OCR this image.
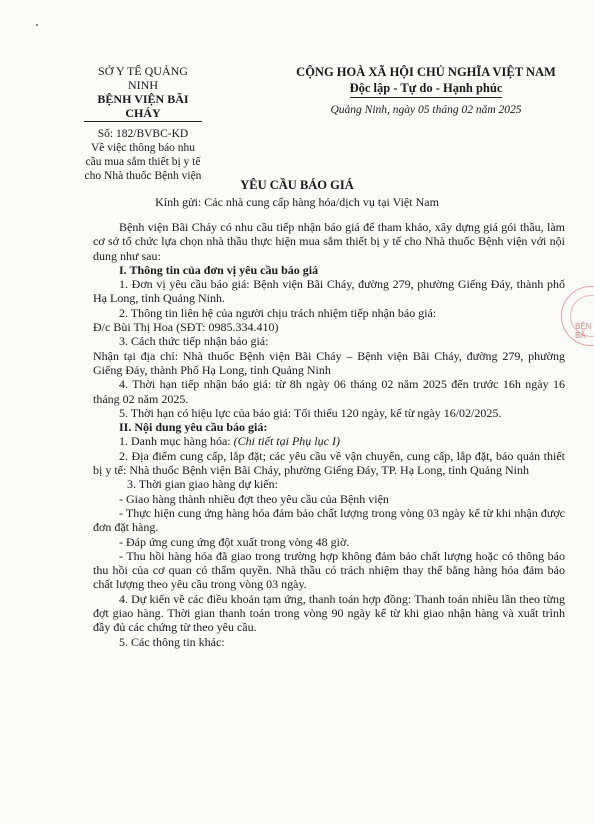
SỞ Y TẾ QUẢNG NINH
BỆNH VIỆN BÃI CHÁY
Số: 182/BVBC-KD
Về việc thông báo nhu cầu mua sắm thiết bị y tế cho Nhà thuốc Bệnh viện
CỘNG HOÀ XÃ HỘI CHỦ NGHĨA VIỆT NAM
Độc lập - Tự do - Hạnh phúc
Quảng Ninh, ngày 05 tháng 02 năm 2025
YÊU CẦU BÁO GIÁ
Kính gửi: Các nhà cung cấp hàng hóa/dịch vụ tại Việt Nam
BỆN BÃ

Bệnh viện Bãi Cháy có nhu cầu tiếp nhận báo giá để tham khảo, xây dựng giá gói thầu, làm cơ sở tổ chức lựa chọn nhà thầu thực hiện mua sắm thiết bị y tế cho Nhà thuốc Bệnh viện với nội dung như sau:

I. Thông tin của đơn vị yêu cầu báo giá

1. Đơn vị yêu cầu báo giá: Bệnh viện Bãi Cháy, đường 279, phường Giếng Đáy, thành phố Hạ Long, tỉnh Quảng Ninh.

2. Thông tin liên hệ của người chịu trách nhiệm tiếp nhận báo giá:

Đ/c Bùi Thị Hoa (SĐT: 0985.334.410)

3. Cách thức tiếp nhận báo giá:

Nhận tại địa chỉ: Nhà thuốc Bệnh viện Bãi Cháy – Bệnh viện Bãi Cháy, đường 279, phường Giếng Đáy, thành Phố Hạ Long, tỉnh Quảng Ninh

4. Thời hạn tiếp nhận báo giá: từ 8h ngày 06 tháng 02 năm 2025 đến trước 16h ngày 16 tháng 02 năm 2025.

5. Thời hạn có hiệu lực của báo giá: Tối thiểu 120 ngày, kể từ ngày 16/02/2025.

II. Nội dung yêu cầu báo giá:

1. Danh mục hàng hóa: (Chi tiết tại Phụ lục I)

2. Địa điểm cung cấp, lắp đặt; các yêu cầu về vận chuyển, cung cấp, lắp đặt, bảo quản thiết bị y tế: Nhà thuốc Bệnh viện Bãi Cháy, phường Giếng Đáy, TP. Hạ Long, tỉnh Quảng Ninh

3. Thời gian giao hàng dự kiến:

- Giao hàng thành nhiều đợt theo yêu cầu của Bệnh viện

- Thực hiện cung ứng hàng hóa đảm bảo chất lượng trong vòng 03 ngày kể từ khi nhận được đơn đặt hàng.

- Đáp ứng cung ứng đột xuất trong vòng 48 giờ.

- Thu hồi hàng hóa đã giao trong trường hợp không đảm bảo chất lượng hoặc có thông báo thu hồi của cơ quan có thẩm quyền. Nhà thầu có trách nhiệm thay thế bằng hàng hóa đảm bảo chất lượng theo yêu cầu trong vòng 03 ngày.

4. Dự kiến về các điều khoản tạm ứng, thanh toán hợp đồng: Thanh toán nhiều lần theo từng đợt giao hàng. Thời gian thanh toán trong vòng 90 ngày kể từ khi giao nhận hàng và xuất trình đầy đủ các chứng từ theo yêu cầu.

5. Các thông tin khác:
